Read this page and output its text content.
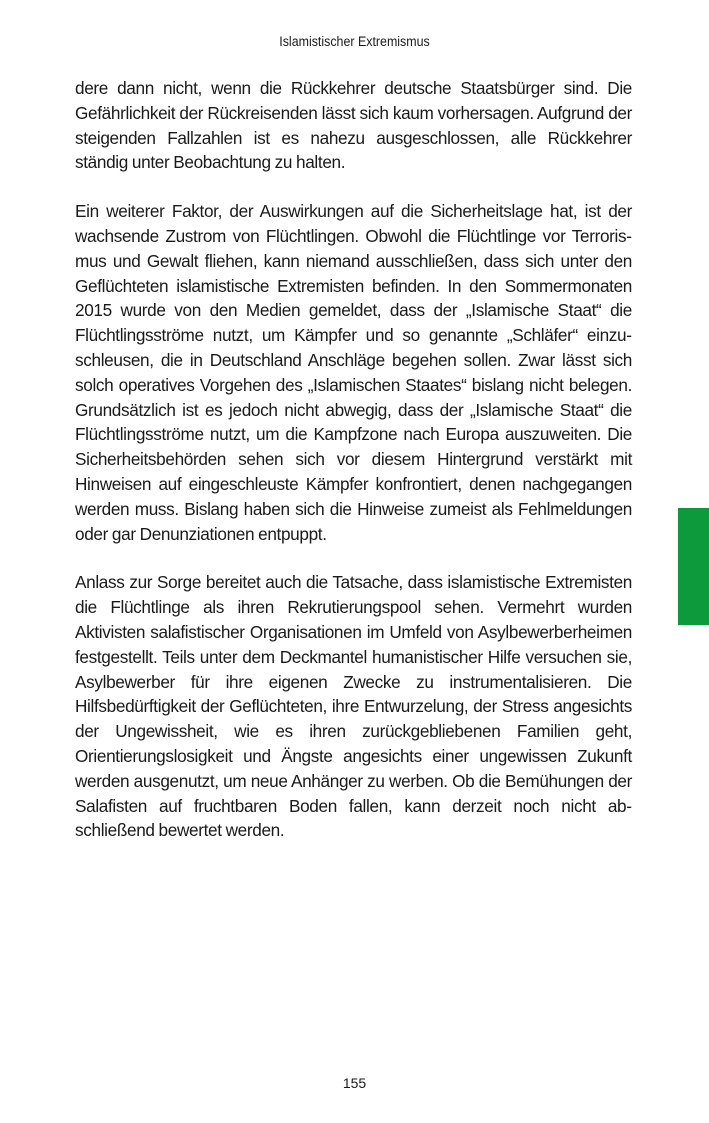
Islamistischer Extremismus

dere dann nicht, wenn die Rückkehrer deutsche Staatsbürger sind. Die Gefährlichkeit der Rückreisenden lässt sich kaum vorhersagen. Aufgrund der steigenden Fallzahlen ist es nahezu ausgeschlossen, alle Rückkehrer ständig unter Beobachtung zu halten.

Ein weiterer Faktor, der Auswirkungen auf die Sicherheitslage hat, ist der wachsende Zustrom von Flüchtlingen. Obwohl die Flüchtlinge vor Terrorismus und Gewalt fliehen, kann niemand ausschließen, dass sich unter den Geflüchteten islamistische Extremisten befinden. In den Sommermonaten 2015 wurde von den Medien gemeldet, dass der „Islamische Staat“ die Flüchtlingsströme nutzt, um Kämpfer und so genannte „Schläfer“ einzuschleusen, die in Deutschland Anschläge begehen sollen. Zwar lässt sich solch operatives Vorgehen des „Islamischen Staates“ bislang nicht belegen. Grundsätzlich ist es jedoch nicht abwegig, dass der „Islamische Staat“ die Flüchtlingsströme nutzt, um die Kampfzone nach Europa auszuweiten. Die Sicherheitsbehörden sehen sich vor diesem Hintergrund verstärkt mit Hinweisen auf eingeschleuste Kämpfer konfrontiert, denen nachgegangen werden muss. Bislang haben sich die Hinweise zumeist als Fehlmeldungen oder gar Denunziationen entpuppt.

Anlass zur Sorge bereitet auch die Tatsache, dass islamistische Extremisten die Flüchtlinge als ihren Rekrutierungspool sehen. Vermehrt wurden Aktivisten salafistischer Organisationen im Umfeld von Asylbewerberheimen festgestellt. Teils unter dem Deckmantel humanistischer Hilfe versuchen sie, Asylbewerber für ihre eigenen Zwecke zu instrumentalisieren. Die Hilfsbedürftigkeit der Geflüchteten, ihre Entwurzelung, der Stress angesichts der Ungewissheit, wie es ihren zurückgebliebenen Familien geht, Orientierungslosigkeit und Ängste angesichts einer ungewissen Zukunft werden ausgenutzt, um neue Anhänger zu werben. Ob die Bemühungen der Salafisten auf fruchtbaren Boden fallen, kann derzeit noch nicht abschließend bewertet werden.

155
